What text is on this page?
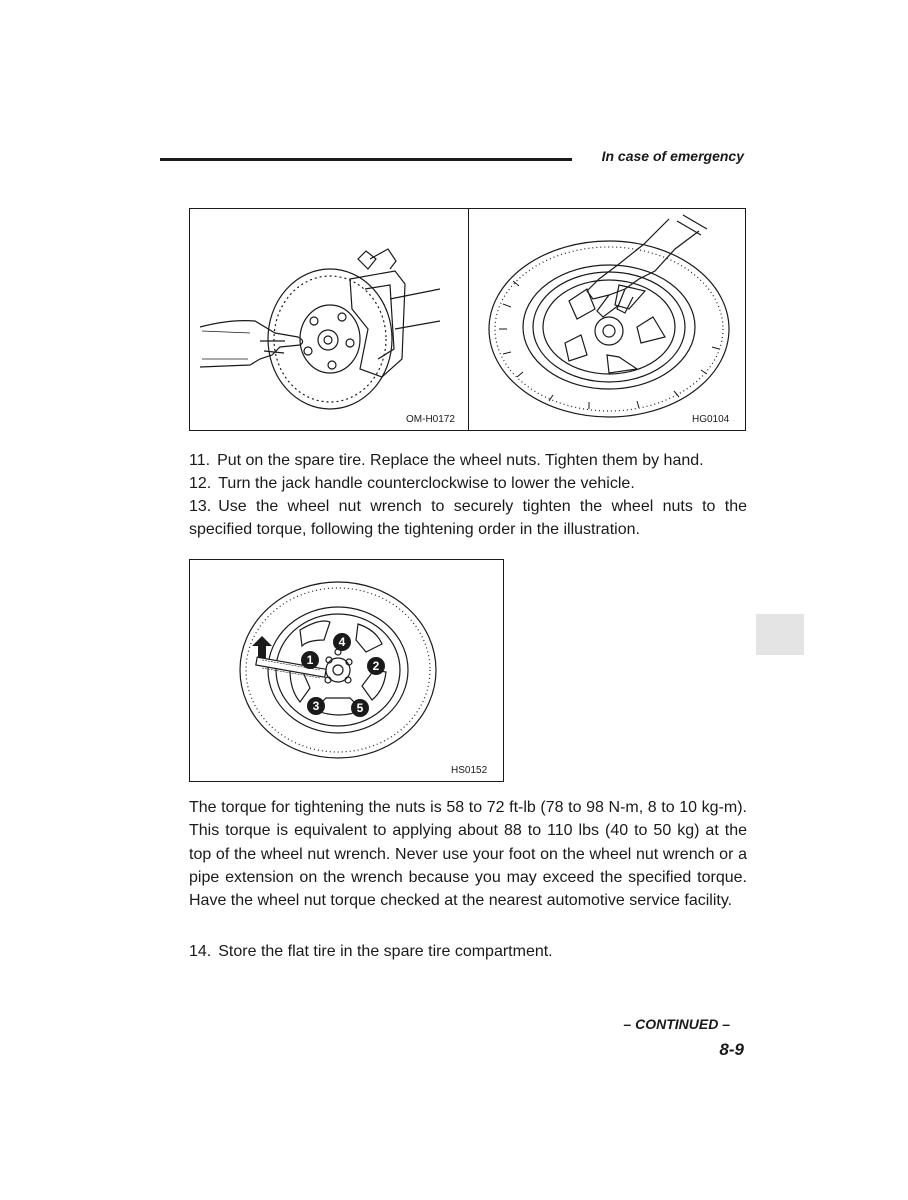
In case of emergency
OM-H0172	HG0104

11. Put on the spare tire. Replace the wheel nuts. Tighten them by hand.

12. Turn the jack handle counterclockwise to lower the vehicle.

13. Use the wheel nut wrench to securely tighten the wheel nuts to the specified torque, following the tightening order in the illustration.

1	2
3
4
5
HS0152

The torque for tightening the nuts is 58 to 72 ft-lb (78 to 98 N-m, 8 to 10 kg-m). This torque is equivalent to applying about 88 to 110 lbs (40 to 50 kg) at the top of the wheel nut wrench. Never use your foot on the wheel nut wrench or a pipe extension on the wrench because you may exceed the specified torque. Have the wheel nut torque checked at the nearest automotive service facility.

14. Store the flat tire in the spare tire compartment.

– CONTINUED –
8-9
